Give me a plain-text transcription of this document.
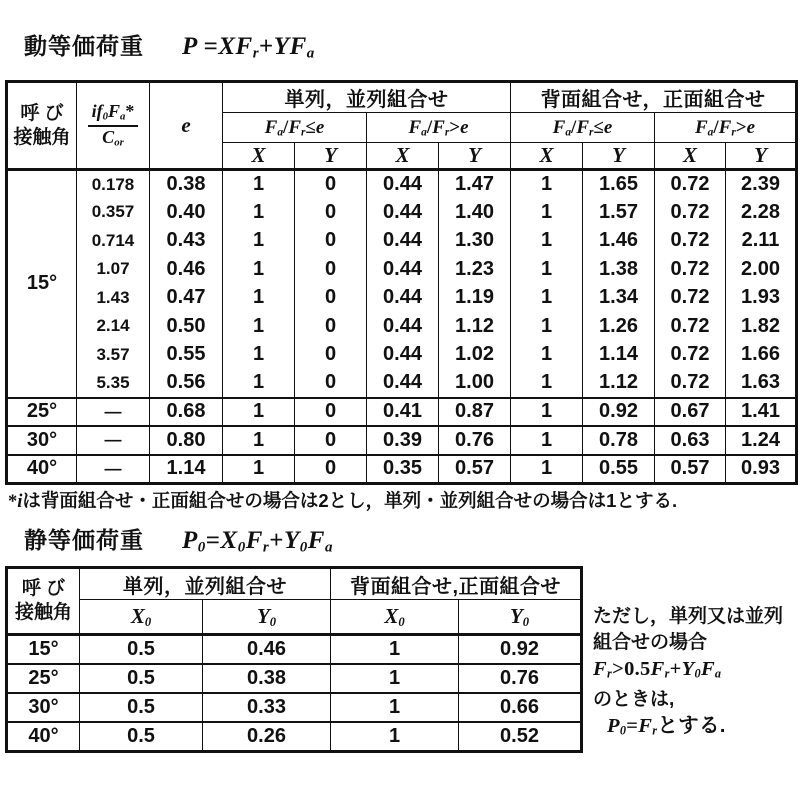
動等価荷重 $P =XF_r+YF_a$
呼 び
接触角	$\frac{if_0F_a*}{C_{or}}$	e	単列，並列組合せ	背面組合せ，正面組合せ
			$F_a/F_r\le e$		$F_a/F_r>e$		$F_a/F_r\le e$		$F_a/F_r>e$	
			X	Y	X	Y	X	Y	X	Y
15°	0.178	0.38	1	0	0.44	1.47	1	1.65	0.72	2.39
	0.357	0.40	1	0	0.44	1.40	1	1.57	0.72	2.28
	0.714	0.43	1	0	0.44	1.30	1	1.46	0.72	2.11
	1.07	0.46	1	0	0.44	1.23	1	1.38	0.72	2.00
	1.43	0.47	1	0	0.44	1.19	1	1.34	0.72	1.93
	2.14	0.50	1	0	0.44	1.12	1	1.26	0.72	1.82
	3.57	0.55	1	0	0.44	1.02	1	1.14	0.72	1.66
	5.35	0.56	1	0	0.44	1.00	1	1.12	0.72	1.63
25°	—	0.68	1	0	0.41	0.87	1	0.92	0.67	1.41
30°	—	0.80	1	0	0.39	0.76	1	0.78	0.63	1.24
40°	—	1.14	1	0	0.35	0.57	1	0.55	0.57	0.93
*iは背面組合せ・正面組合せの場合は2とし，単列・並列組合せの場合は1とする.
静等価荷重 $P_0=X_0F_r+Y_0F_a$
呼 び
接触角	単列，並列組合せ		背面組合せ,正面組合せ	
	$X_0$	$Y_0$	$X_0$	$Y_0$
15°	0.5	0.46	1	0.92
25°	0.5	0.38	1	0.76
30°	0.5	0.33	1	0.66
40°	0.5	0.26	1	0.52
ただし，単列又は並列
組合せの場合
$F_r>0.5F_r+Y_0F_a$
のときは,
$P_0=F_r$とする.
